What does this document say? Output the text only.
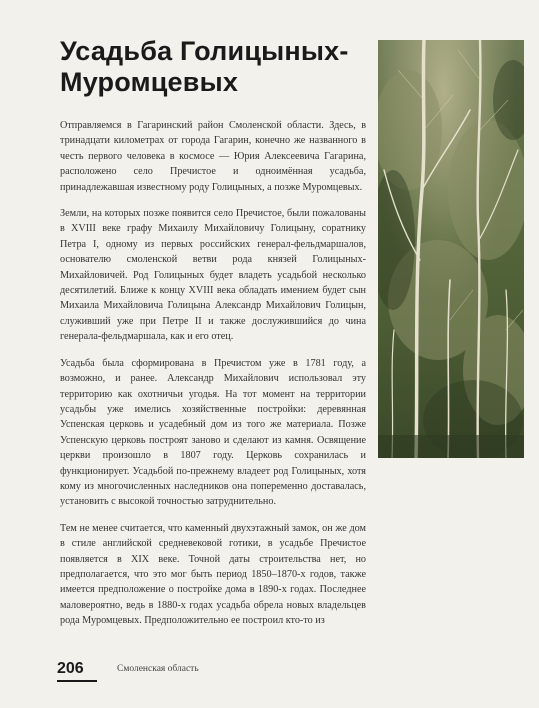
Усадьба Голицыных-
Муромцевых

Отправляемся в Гагаринский район Смоленской области. Здесь, в тринадцати километрах от города Гагарин, конечно же названного в честь первого человека в космосе — Юрия Алексеевича Гагарина, расположено село Пречистое и одноимённая усадьба, принадлежавшая известному роду Голицыных, а позже Муромцевых.

Земли, на которых позже появится село Пречистое, были пожалованы в XVIII веке графу Михаилу Михайловичу Голицыну, соратнику Петра I, одному из первых российских генерал-фельдмаршалов, основателю смоленской ветви рода князей Голицыных-Михайловичей. Род Голицыных будет владеть усадьбой несколько десятилетий. Ближе к концу XVIII века обладать имением будет сын Михаила Михайловича Голицына Александр Михайлович Голицын, служивший уже при Петре II и также дослужившийся до чина генерала-фельдмаршала, как и его отец.

Усадьба была сформирована в Пречистом уже в 1781 году, а возможно, и ранее. Александр Михайлович использовал эту территорию как охотничьи угодья. На тот момент на территории усадьбы уже имелись хозяйственные постройки: деревянная Успенская церковь и усадебный дом из того же материала. Позже Успенскую церковь построят заново и сделают из камня. Освящение церкви произошло в 1807 году. Церковь сохранилась и функционирует. Усадьбой по-прежнему владеет род Голицыных, хотя кому из многочисленных наследников она попеременно доставалась, установить с высокой точностью затруднительно.

Тем не менее считается, что каменный двухэтажный замок, он же дом в стиле английской средневековой готики, в усадьбе Пречистое появляется в XIX веке. Точной даты строительства нет, но предполагается, что это мог быть период 1850–1870-х годов, также имеется предположение о постройке дома в 1890-х годах. Последнее маловероятно, ведь в 1880-х годах усадьба обрела новых владельцев рода Муромцевых. Предположительно ее построил кто-то из

206	Смоленская область
